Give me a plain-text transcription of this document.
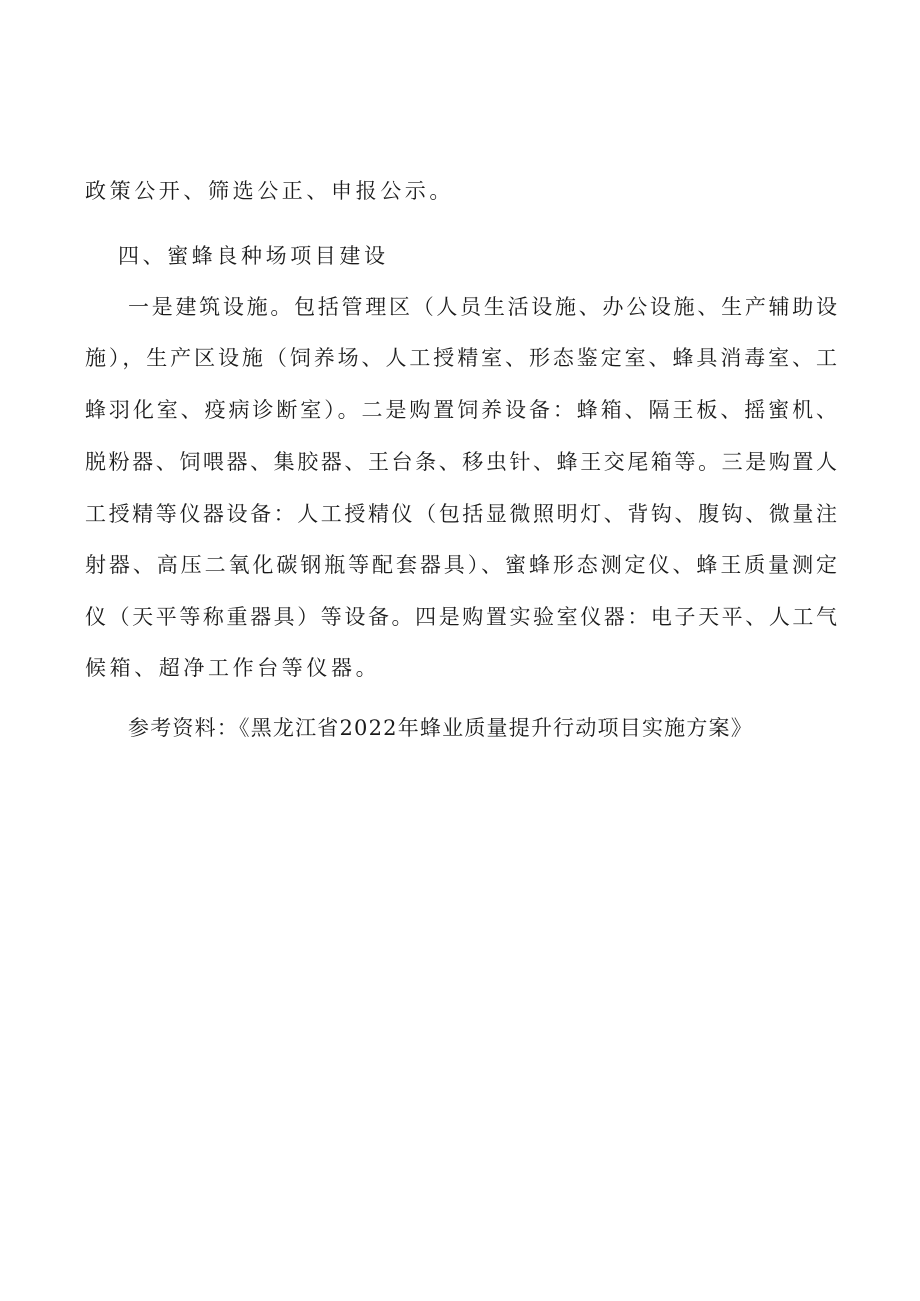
政策公开、筛选公正、申报公示。
四、蜜蜂良种场项目建设
一是建筑设施。包括管理区（人员生活设施、办公设施、生产辅助设
施），生产区设施（饲养场、人工授精室、形态鉴定室、蜂具消毒室、工
蜂羽化室、疫病诊断室）。二是购置饲养设备：蜂箱、隔王板、摇蜜机、
脱粉器、饲喂器、集胶器、王台条、移虫针、蜂王交尾箱等。三是购置人
工授精等仪器设备：人工授精仪（包括显微照明灯、背钩、腹钩、微量注
射器、高压二氧化碳钢瓶等配套器具）、蜜蜂形态测定仪、蜂王质量测定
仪（天平等称重器具）等设备。四是购置实验室仪器：电子天平、人工气
候箱、超净工作台等仪器。
参考资料：《黑龙江省2022年蜂业质量提升行动项目实施方案》
